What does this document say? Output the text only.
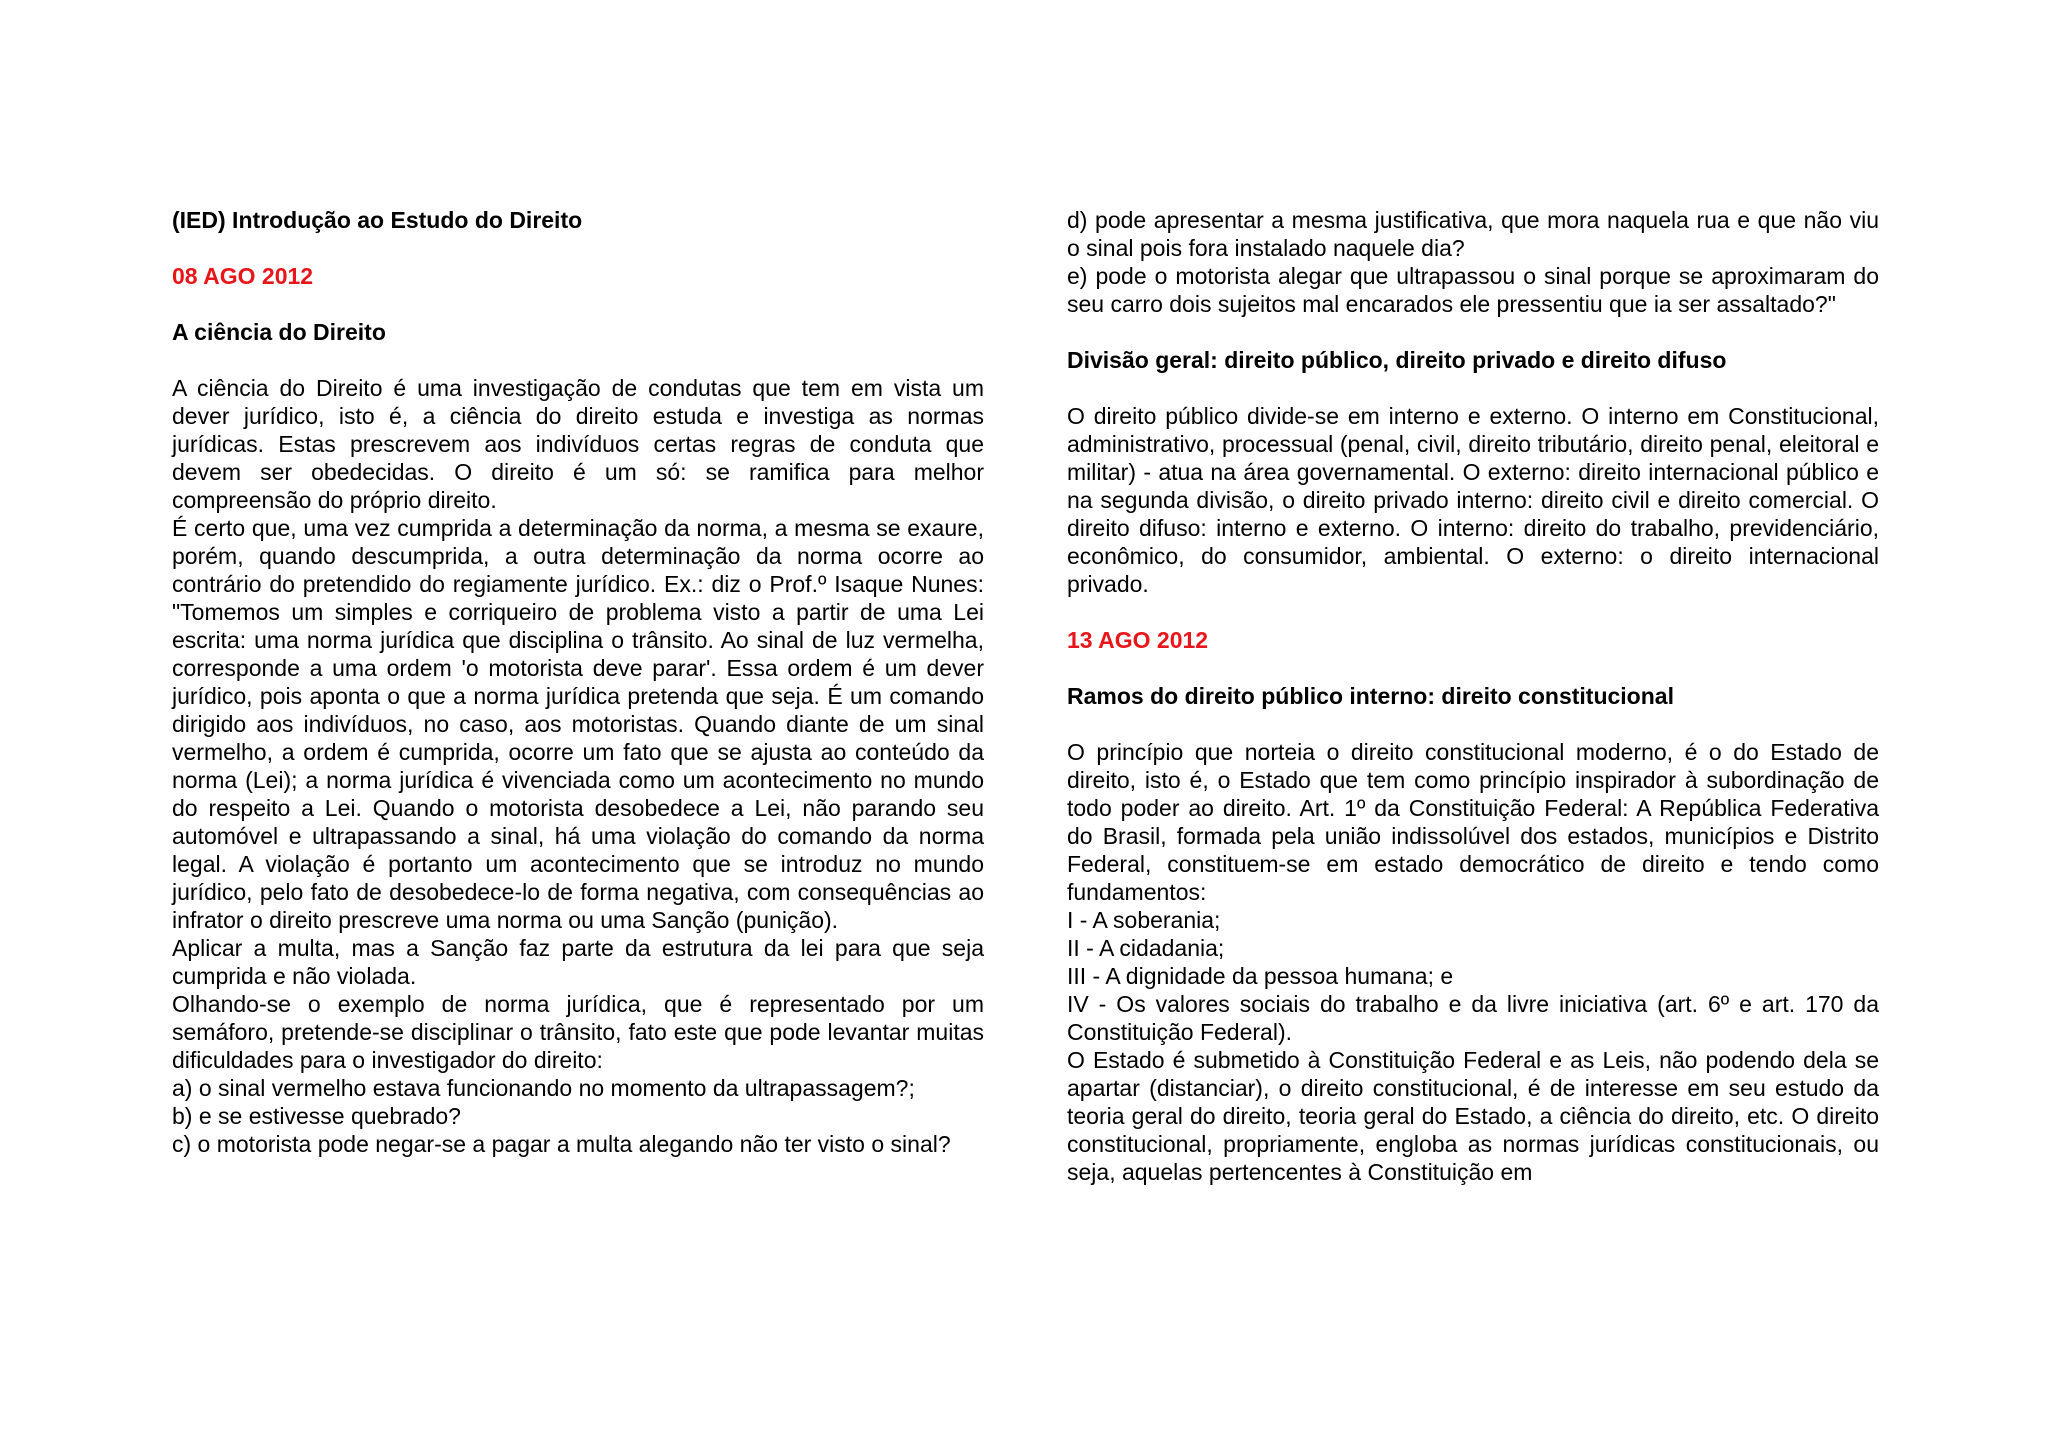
(IED) Introdução ao Estudo do Direito
08 AGO 2012
A ciência do Direito

A ciência do Direito é uma investigação de condutas que tem em vista um dever jurídico, isto é, a ciência do direito estuda e investiga as normas jurídicas. Estas prescrevem aos indivíduos certas regras de conduta que devem ser obedecidas. O direito é um só: se ramifica para melhor compreensão do próprio direito.

É certo que, uma vez cumprida a determinação da norma, a mesma se exaure, porém, quando descumprida, a outra determinação da norma ocorre ao contrário do pretendido do regiamente jurídico. Ex.: diz o Prof.º Isaque Nunes: "Tomemos um simples e corriqueiro de problema visto a partir de uma Lei escrita: uma norma jurídica que disciplina o trânsito. Ao sinal de luz vermelha, corresponde a uma ordem 'o motorista deve parar'. Essa ordem é um dever jurídico, pois aponta o que a norma jurídica pretenda que seja. É um comando dirigido aos indivíduos, no caso, aos motoristas. Quando diante de um sinal vermelho, a ordem é cumprida, ocorre um fato que se ajusta ao conteúdo da norma (Lei); a norma jurídica é vivenciada como um acontecimento no mundo do respeito a Lei. Quando o motorista desobedece a Lei, não parando seu automóvel e ultrapassando a sinal, há uma violação do comando da norma legal. A violação é portanto um acontecimento que se introduz no mundo jurídico, pelo fato de desobedece-lo de forma negativa, com consequências ao infrator o direito prescreve uma norma ou uma Sanção (punição).

Aplicar a multa, mas a Sanção faz parte da estrutura da lei para que seja cumprida e não violada.

Olhando-se o exemplo de norma jurídica, que é representado por um semáforo, pretende-se disciplinar o trânsito, fato este que pode levantar muitas dificuldades para o investigador do direito:

a) o sinal vermelho estava funcionando no momento da ultrapassagem?;

b) e se estivesse quebrado?

c) o motorista pode negar-se a pagar a multa alegando não ter visto o sinal?

d) pode apresentar a mesma justificativa, que mora naquela rua e que não viu o sinal pois fora instalado naquele dia?

e) pode o motorista alegar que ultrapassou o sinal porque se aproximaram do seu carro dois sujeitos mal encarados ele pressentiu que ia ser assaltado?"

Divisão geral: direito público, direito privado e direito difuso

O direito público divide-se em interno e externo. O interno em Constitucional, administrativo, processual (penal, civil, direito tributário, direito penal, eleitoral e militar) - atua na área governamental. O externo: direito internacional público e na segunda divisão, o direito privado interno: direito civil e direito comercial. O direito difuso: interno e externo. O interno: direito do trabalho, previdenciário, econômico, do consumidor, ambiental. O externo: o direito internacional privado.

13 AGO 2012
Ramos do direito público interno: direito constitucional

O princípio que norteia o direito constitucional moderno, é o do Estado de direito, isto é, o Estado que tem como princípio inspirador à subordinação de todo poder ao direito. Art. 1º da Constituição Federal: A República Federativa do Brasil, formada pela união indissolúvel dos estados, municípios e Distrito Federal, constituem-se em estado democrático de direito e tendo como fundamentos:

I - A soberania;
II - A cidadania;
III - A dignidade da pessoa humana; e

IV - Os valores sociais do trabalho e da livre iniciativa (art. 6º e art. 170 da Constituição Federal).

O Estado é submetido à Constituição Federal e as Leis, não podendo dela se apartar (distanciar), o direito constitucional, é de interesse em seu estudo da teoria geral do direito, teoria geral do Estado, a ciência do direito, etc. O direito constitucional, propriamente, engloba as normas jurídicas constitucionais, ou seja, aquelas pertencentes à Constituição em
